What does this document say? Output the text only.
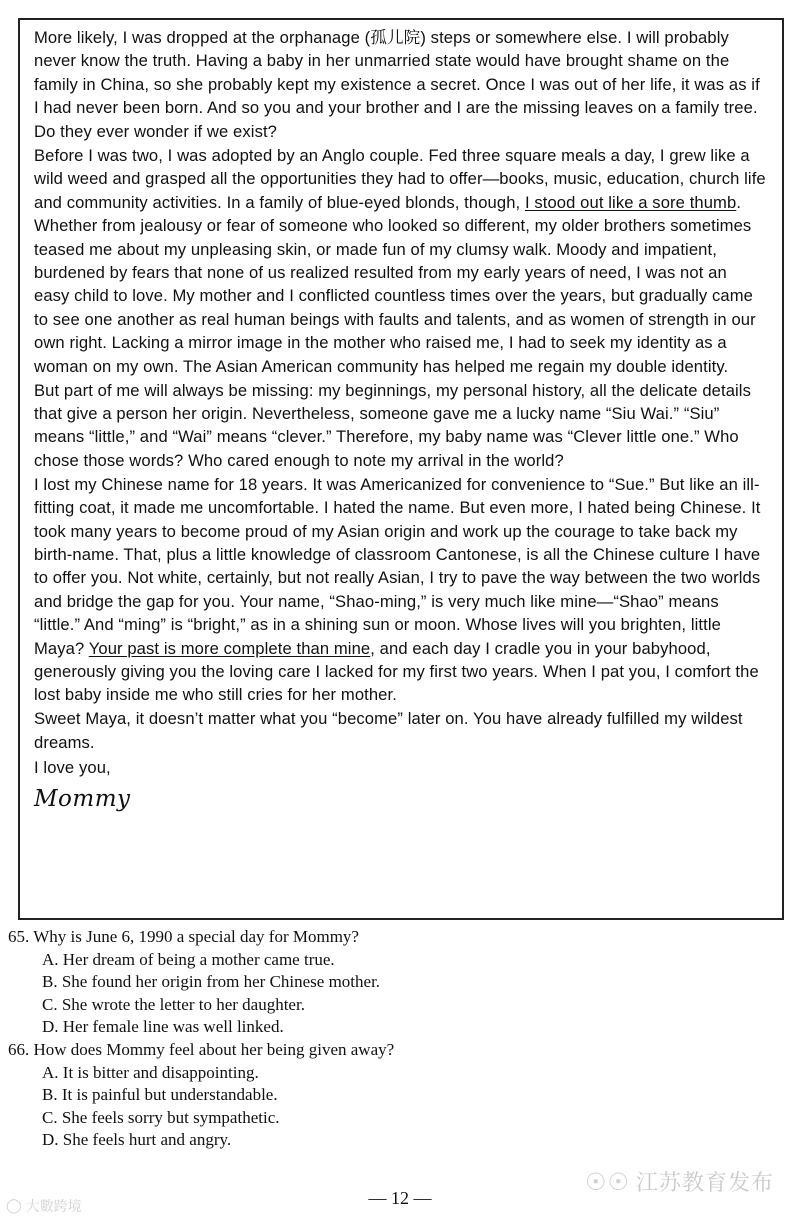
More likely, I was dropped at the orphanage (孤儿院) steps or somewhere else. I will probably never know the truth. Having a baby in her unmarried state would have brought shame on the family in China, so she probably kept my existence a secret. Once I was out of her life, it was as if I had never been born. And so you and your brother and I are the missing leaves on a family tree.

Do they ever wonder if we exist?

Before I was two, I was adopted by an Anglo couple. Fed three square meals a day, I grew like a wild weed and grasped all the opportunities they had to offer—books, music, education, church life and community activities. In a family of blue-eyed blonds, though, I stood out like a sore thumb. Whether from jealousy or fear of someone who looked so different, my older brothers sometimes teased me about my unpleasing skin, or made fun of my clumsy walk. Moody and impatient, burdened by fears that none of us realized resulted from my early years of need, I was not an easy child to love. My mother and I conflicted countless times over the years, but gradually came to see one another as real human beings with faults and talents, and as women of strength in our own right. Lacking a mirror image in the mother who raised me, I had to seek my identity as a woman on my own. The Asian American community has helped me regain my double identity.

But part of me will always be missing: my beginnings, my personal history, all the delicate details that give a person her origin. Nevertheless, someone gave me a lucky name “Siu Wai.” “Siu” means “little,” and “Wai” means “clever.” Therefore, my baby name was “Clever little one.” Who chose those words? Who cared enough to note my arrival in the world?

I lost my Chinese name for 18 years. It was Americanized for convenience to “Sue.” But like an ill-fitting coat, it made me uncomfortable. I hated the name. But even more, I hated being Chinese. It took many years to become proud of my Asian origin and work up the courage to take back my birth-name. That, plus a little knowledge of classroom Cantonese, is all the Chinese culture I have to offer you. Not white, certainly, but not really Asian, I try to pave the way between the two worlds and bridge the gap for you. Your name, “Shao-ming,” is very much like mine—“Shao” means “little.” And “ming” is “bright,” as in a shining sun or moon. Whose lives will you brighten, little Maya? Your past is more complete than mine, and each day I cradle you in your babyhood, generously giving you the loving care I lacked for my first two years. When I pat you, I comfort the lost baby inside me who still cries for her mother.

Sweet Maya, it doesn’t matter what you “become” later on. You have already fulfilled my wildest dreams.

I love you,

Mommy

65. Why is June 6, 1990 a special day for Mommy?

A. Her dream of being a mother came true.
B. She found her origin from her Chinese mother.
C. She wrote the letter to her daughter.
D. Her female line was well linked.

66. How does Mommy feel about her being given away?

A. It is bitter and disappointing.
B. It is painful but understandable.
C. She feels sorry but sympathetic.
D. She feels hurt and angry.
☉☉ 江苏教育发布
◯ 大數跨境	— 12 —
